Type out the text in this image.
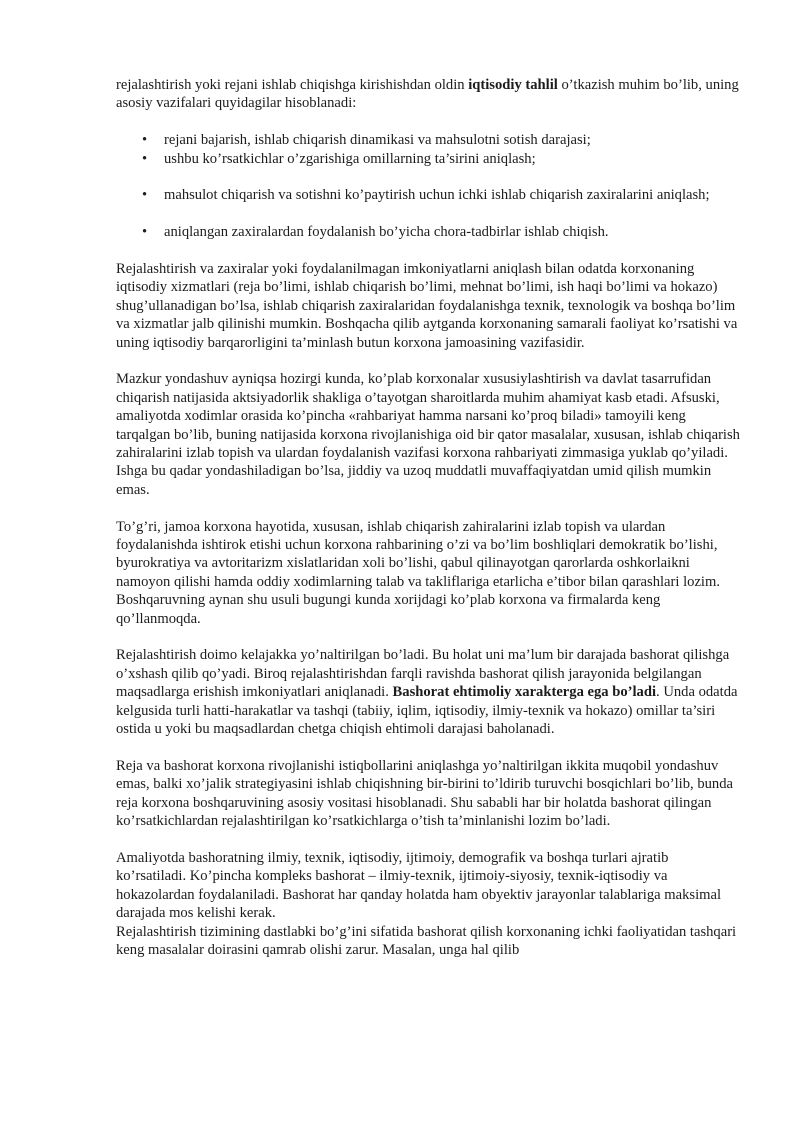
rejalashtirish yoki rejani ishlab chiqishga kirishishdan oldin iqtisodiy tahlil o’tkazish muhim bo’lib, uning asosiy vazifalari quyidagilar hisoblanadi:

• rejani bajarish, ishlab chiqarish dinamikasi va mahsulotni sotish darajasi;
• ushbu ko’rsatkichlar o’zgarishiga omillarning ta’sirini aniqlash;
• mahsulot chiqarish va sotishni ko’paytirish uchun ichki ishlab chiqarish zaxiralarini aniqlash;
• aniqlangan zaxiralardan foydalanish bo’yicha chora-tadbirlar ishlab chiqish.

Rejalashtirish va zaxiralar yoki foydalanilmagan imkoniyatlarni aniqlash bilan odatda korxonaning iqtisodiy xizmatlari (reja bo’limi, ishlab chiqarish bo’limi, mehnat bo’limi, ish haqi bo’limi va hokazo) shug’ullanadigan bo’lsa, ishlab chiqarish zaxiralaridan foydalanishga texnik, texnologik va boshqa bo’lim va xizmatlar jalb qilinishi mumkin. Boshqacha qilib aytganda korxonaning samarali faoliyat ko’rsatishi va uning iqtisodiy barqarorligini ta’minlash butun korxona jamoasining vazifasidir.

Mazkur yondashuv ayniqsa hozirgi kunda, ko’plab korxonalar xususiylashtirish va davlat tasarrufidan chiqarish natijasida aktsiyadorlik shakliga o’tayotgan sharoitlarda muhim ahamiyat kasb etadi. Afsuski, amaliyotda xodimlar orasida ko’pincha «rahbariyat hamma narsani ko’proq biladi» tamoyili keng tarqalgan bo’lib, buning natijasida korxona rivojlanishiga oid bir qator masalalar, xususan, ishlab chiqarish zahiralarini izlab topish va ulardan foydalanish vazifasi korxona rahbariyati zimmasiga yuklab qo’yiladi. Ishga bu qadar yondashiladigan bo’lsa, jiddiy va uzoq muddatli muvaffaqiyatdan umid qilish mumkin emas.

To’g’ri, jamoa korxona hayotida, xususan, ishlab chiqarish zahiralarini izlab topish va ulardan foydalanishda ishtirok etishi uchun korxona rahbarining o’zi va bo’lim boshliqlari demokratik bo’lishi, byurokratiya va avtoritarizm xislatlaridan xoli bo’lishi, qabul qilinayotgan qarorlarda oshkorlaikni namoyon qilishi hamda oddiy xodimlarning talab va takliflariga etarlicha e’tibor bilan qarashlari lozim. Boshqaruvning aynan shu usuli bugungi kunda xorijdagi ko’plab korxona va firmalarda keng qo’llanmoqda.

Rejalashtirish doimo kelajakka yo’naltirilgan bo’ladi. Bu holat uni ma’lum bir darajada bashorat qilishga o’xshash qilib qo’yadi. Biroq rejalashtirishdan farqli ravishda bashorat qilish jarayonida belgilangan maqsadlarga erishish imkoniyatlari aniqlanadi. Bashorat ehtimoliy xarakterga ega bo’ladi. Unda odatda kelgusida turli hatti-harakatlar va tashqi (tabiiy, iqlim, iqtisodiy, ilmiy-texnik va hokazo) omillar ta’siri ostida u yoki bu maqsadlardan chetga chiqish ehtimoli darajasi baholanadi.

Reja va bashorat korxona rivojlanishi istiqbollarini aniqlashga yo’naltirilgan ikkita muqobil yondashuv emas, balki xo’jalik strategiyasini ishlab chiqishning bir-birini to’ldirib turuvchi bosqichlari bo’lib, bunda reja korxona boshqaruvining asosiy vositasi hisoblanadi. Shu sababli har bir holatda bashorat qilingan ko’rsatkichlardan rejalashtirilgan ko’rsatkichlarga o’tish ta’minlanishi lozim bo’ladi.

Amaliyotda bashoratning ilmiy, texnik, iqtisodiy, ijtimoiy, demografik va boshqa turlari ajratib ko’rsatiladi. Ko’pincha kompleks bashorat – ilmiy-texnik, ijtimoiy-siyosiy, texnik-iqtisodiy va hokazolardan foydalaniladi. Bashorat har qanday holatda ham obyektiv jarayonlar talablariga maksimal darajada mos kelishi kerak.

Rejalashtirish tizimining dastlabki bo’g’ini sifatida bashorat qilish korxonaning ichki faoliyatidan tashqari keng masalalar doirasini qamrab olishi zarur. Masalan, unga hal qilib
